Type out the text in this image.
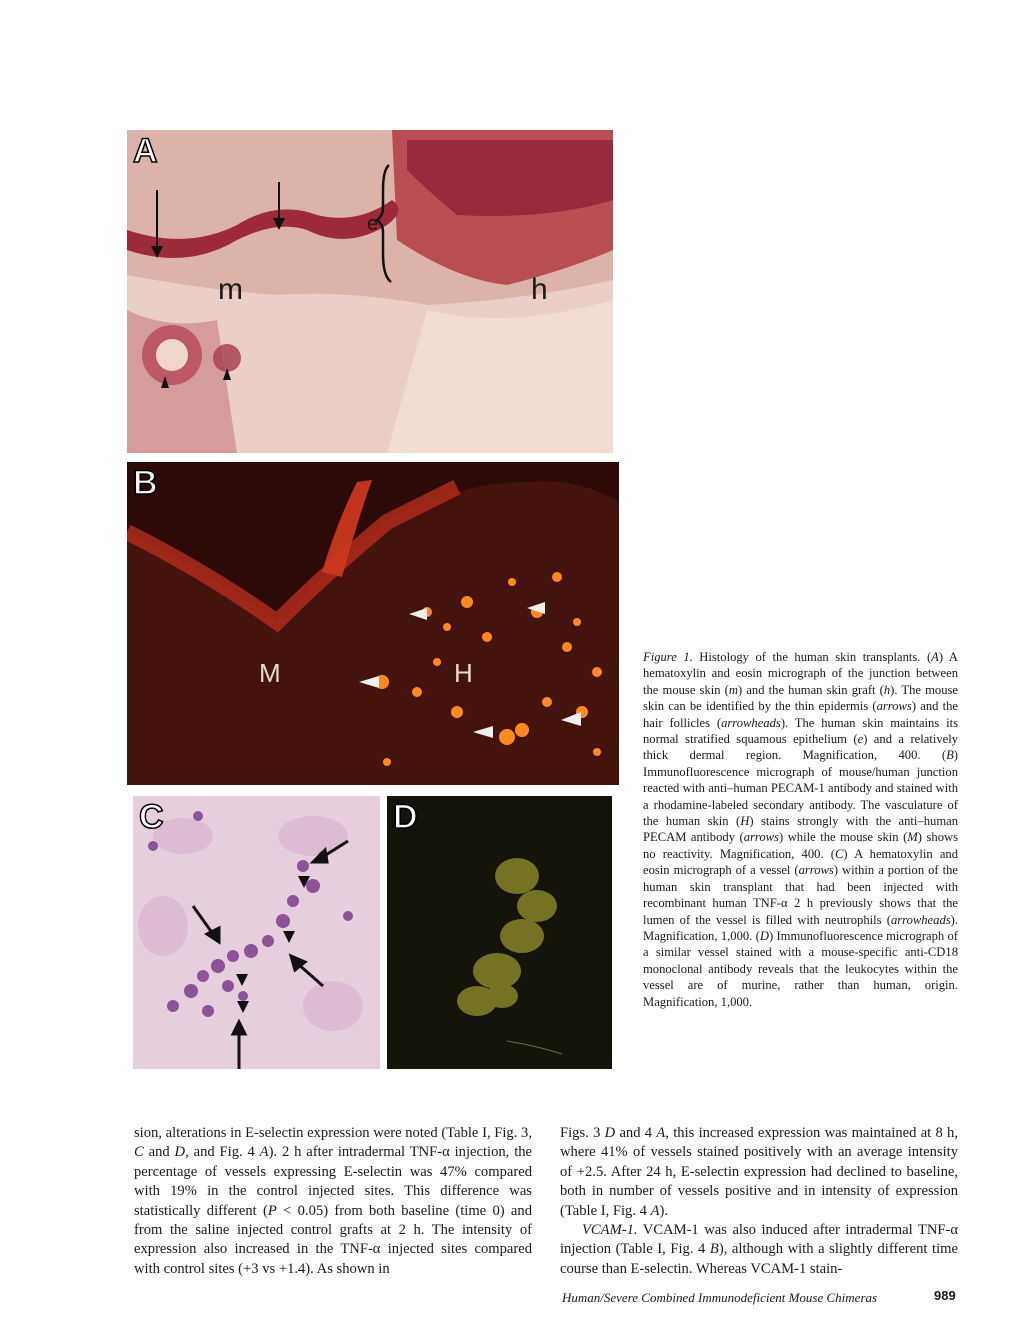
A
m	h
e
B
M	H
C	D
Figure 1. Histology of the human skin transplants. (A) A hematoxylin and eosin micrograph of the junction between the mouse skin (m) and the human skin graft (h). The mouse skin can be identified by the thin epidermis (arrows) and the hair follicles (arrowheads). The human skin maintains its normal stratified squamous epithelium (e) and a relatively thick dermal region. Magnification, 400. (B) Immunofluorescence micrograph of mouse/human junction reacted with anti–human PECAM-1 antibody and stained with a rhodamine-labeled secondary antibody. The vasculature of the human skin (H) stains strongly with the anti–human PECAM antibody (arrows) while the mouse skin (M) shows no reactivity. Magnification, 400. (C) A hematoxylin and eosin micrograph of a vessel (arrows) within a portion of the human skin transplant that had been injected with recombinant human TNF-α 2 h previously shows that the lumen of the vessel is filled with neutrophils (arrowheads). Magnification, 1,000. (D) Immunofluorescence micrograph of a similar vessel stained with a mouse-specific anti-CD18 monoclonal antibody reveals that the leukocytes within the vessel are of murine, rather than human, origin. Magnification, 1,000.

sion, alterations in E-selectin expression were noted (Table I, Fig. 3, C and D, and Fig. 4 A). 2 h after intradermal TNF-α injection, the percentage of vessels expressing E-selectin was 47% compared with 19% in the control injected sites. This difference was statistically different (P < 0.05) from both baseline (time 0) and from the saline injected control grafts at 2 h. The intensity of expression also increased in the TNF-α injected sites compared with control sites (+3 vs +1.4). As shown in

Figs. 3 D and 4 A, this increased expression was maintained at 8 h, where 41% of vessels stained positively with an average intensity of +2.5. After 24 h, E-selectin expression had declined to baseline, both in number of vessels positive and in intensity of expression (Table I, Fig. 4 A).

VCAM-1. VCAM-1 was also induced after intradermal TNF-α injection (Table I, Fig. 4 B), although with a slightly different time course than E-selectin. Whereas VCAM-1 stain-

Human/Severe Combined Immunodeficient Mouse Chimeras	989
